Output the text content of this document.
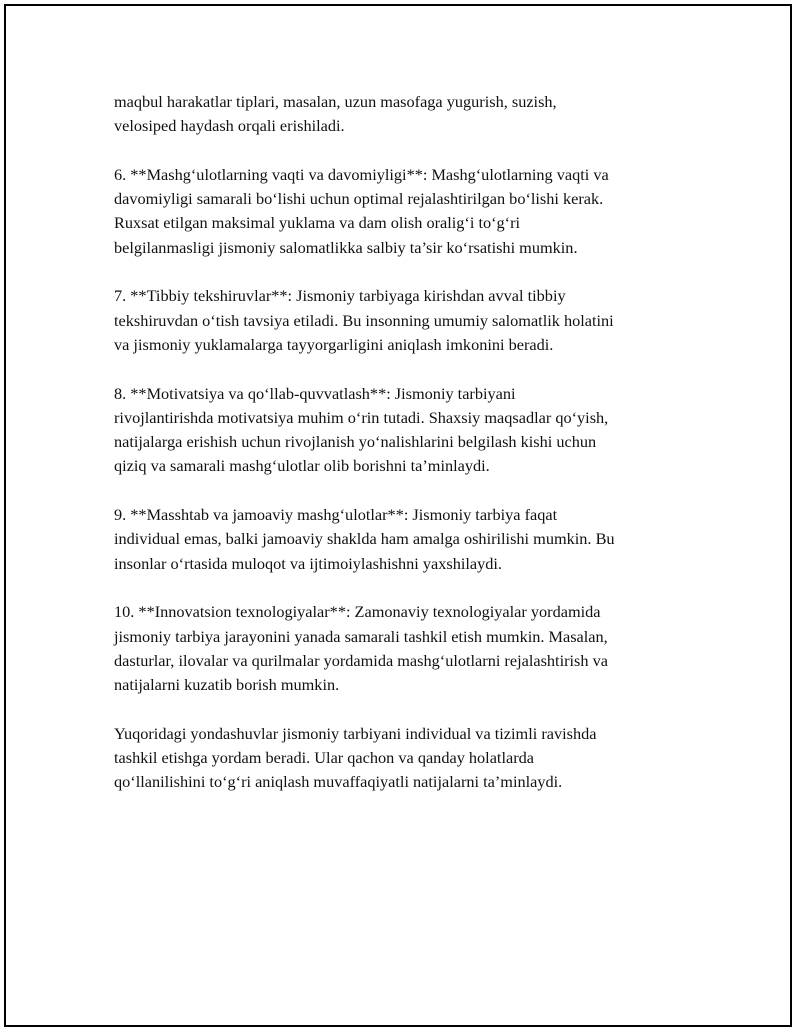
maqbul harakatlar tiplari, masalan, uzun masofaga yugurish, suzish,
velosiped haydash orqali erishiladi.

6. **Mashg‘ulotlarning vaqti va davomiyligi**: Mashg‘ulotlarning vaqti va
davomiyligi samarali bo‘lishi uchun optimal rejalashtirilgan bo‘lishi kerak.
Ruxsat etilgan maksimal yuklama va dam olish oralig‘i to‘g‘ri
belgilanmasligi jismoniy salomatlikka salbiy ta’sir ko‘rsatishi mumkin.

7. **Tibbiy tekshiruvlar**: Jismoniy tarbiyaga kirishdan avval tibbiy
tekshiruvdan o‘tish tavsiya etiladi. Bu insonning umumiy salomatlik holatini
va jismoniy yuklamalarga tayyorgarligini aniqlash imkonini beradi.

8. **Motivatsiya va qo‘llab-quvvatlash**: Jismoniy tarbiyani
rivojlantirishda motivatsiya muhim o‘rin tutadi. Shaxsiy maqsadlar qo‘yish,
natijalarga erishish uchun rivojlanish yo‘nalishlarini belgilash kishi uchun
qiziq va samarali mashg‘ulotlar olib borishni ta’minlaydi.

9. **Masshtab va jamoaviy mashg‘ulotlar**: Jismoniy tarbiya faqat
individual emas, balki jamoaviy shaklda ham amalga oshirilishi mumkin. Bu
insonlar o‘rtasida muloqot va ijtimoiylashishni yaxshilaydi.

10. **Innovatsion texnologiyalar**: Zamonaviy texnologiyalar yordamida
jismoniy tarbiya jarayonini yanada samarali tashkil etish mumkin. Masalan,
dasturlar, ilovalar va qurilmalar yordamida mashg‘ulotlarni rejalashtirish va
natijalarni kuzatib borish mumkin.

Yuqoridagi yondashuvlar jismoniy tarbiyani individual va tizimli ravishda
tashkil etishga yordam beradi. Ular qachon va qanday holatlarda
qo‘llanilishini to‘g‘ri aniqlash muvaffaqiyatli natijalarni ta’minlaydi.
